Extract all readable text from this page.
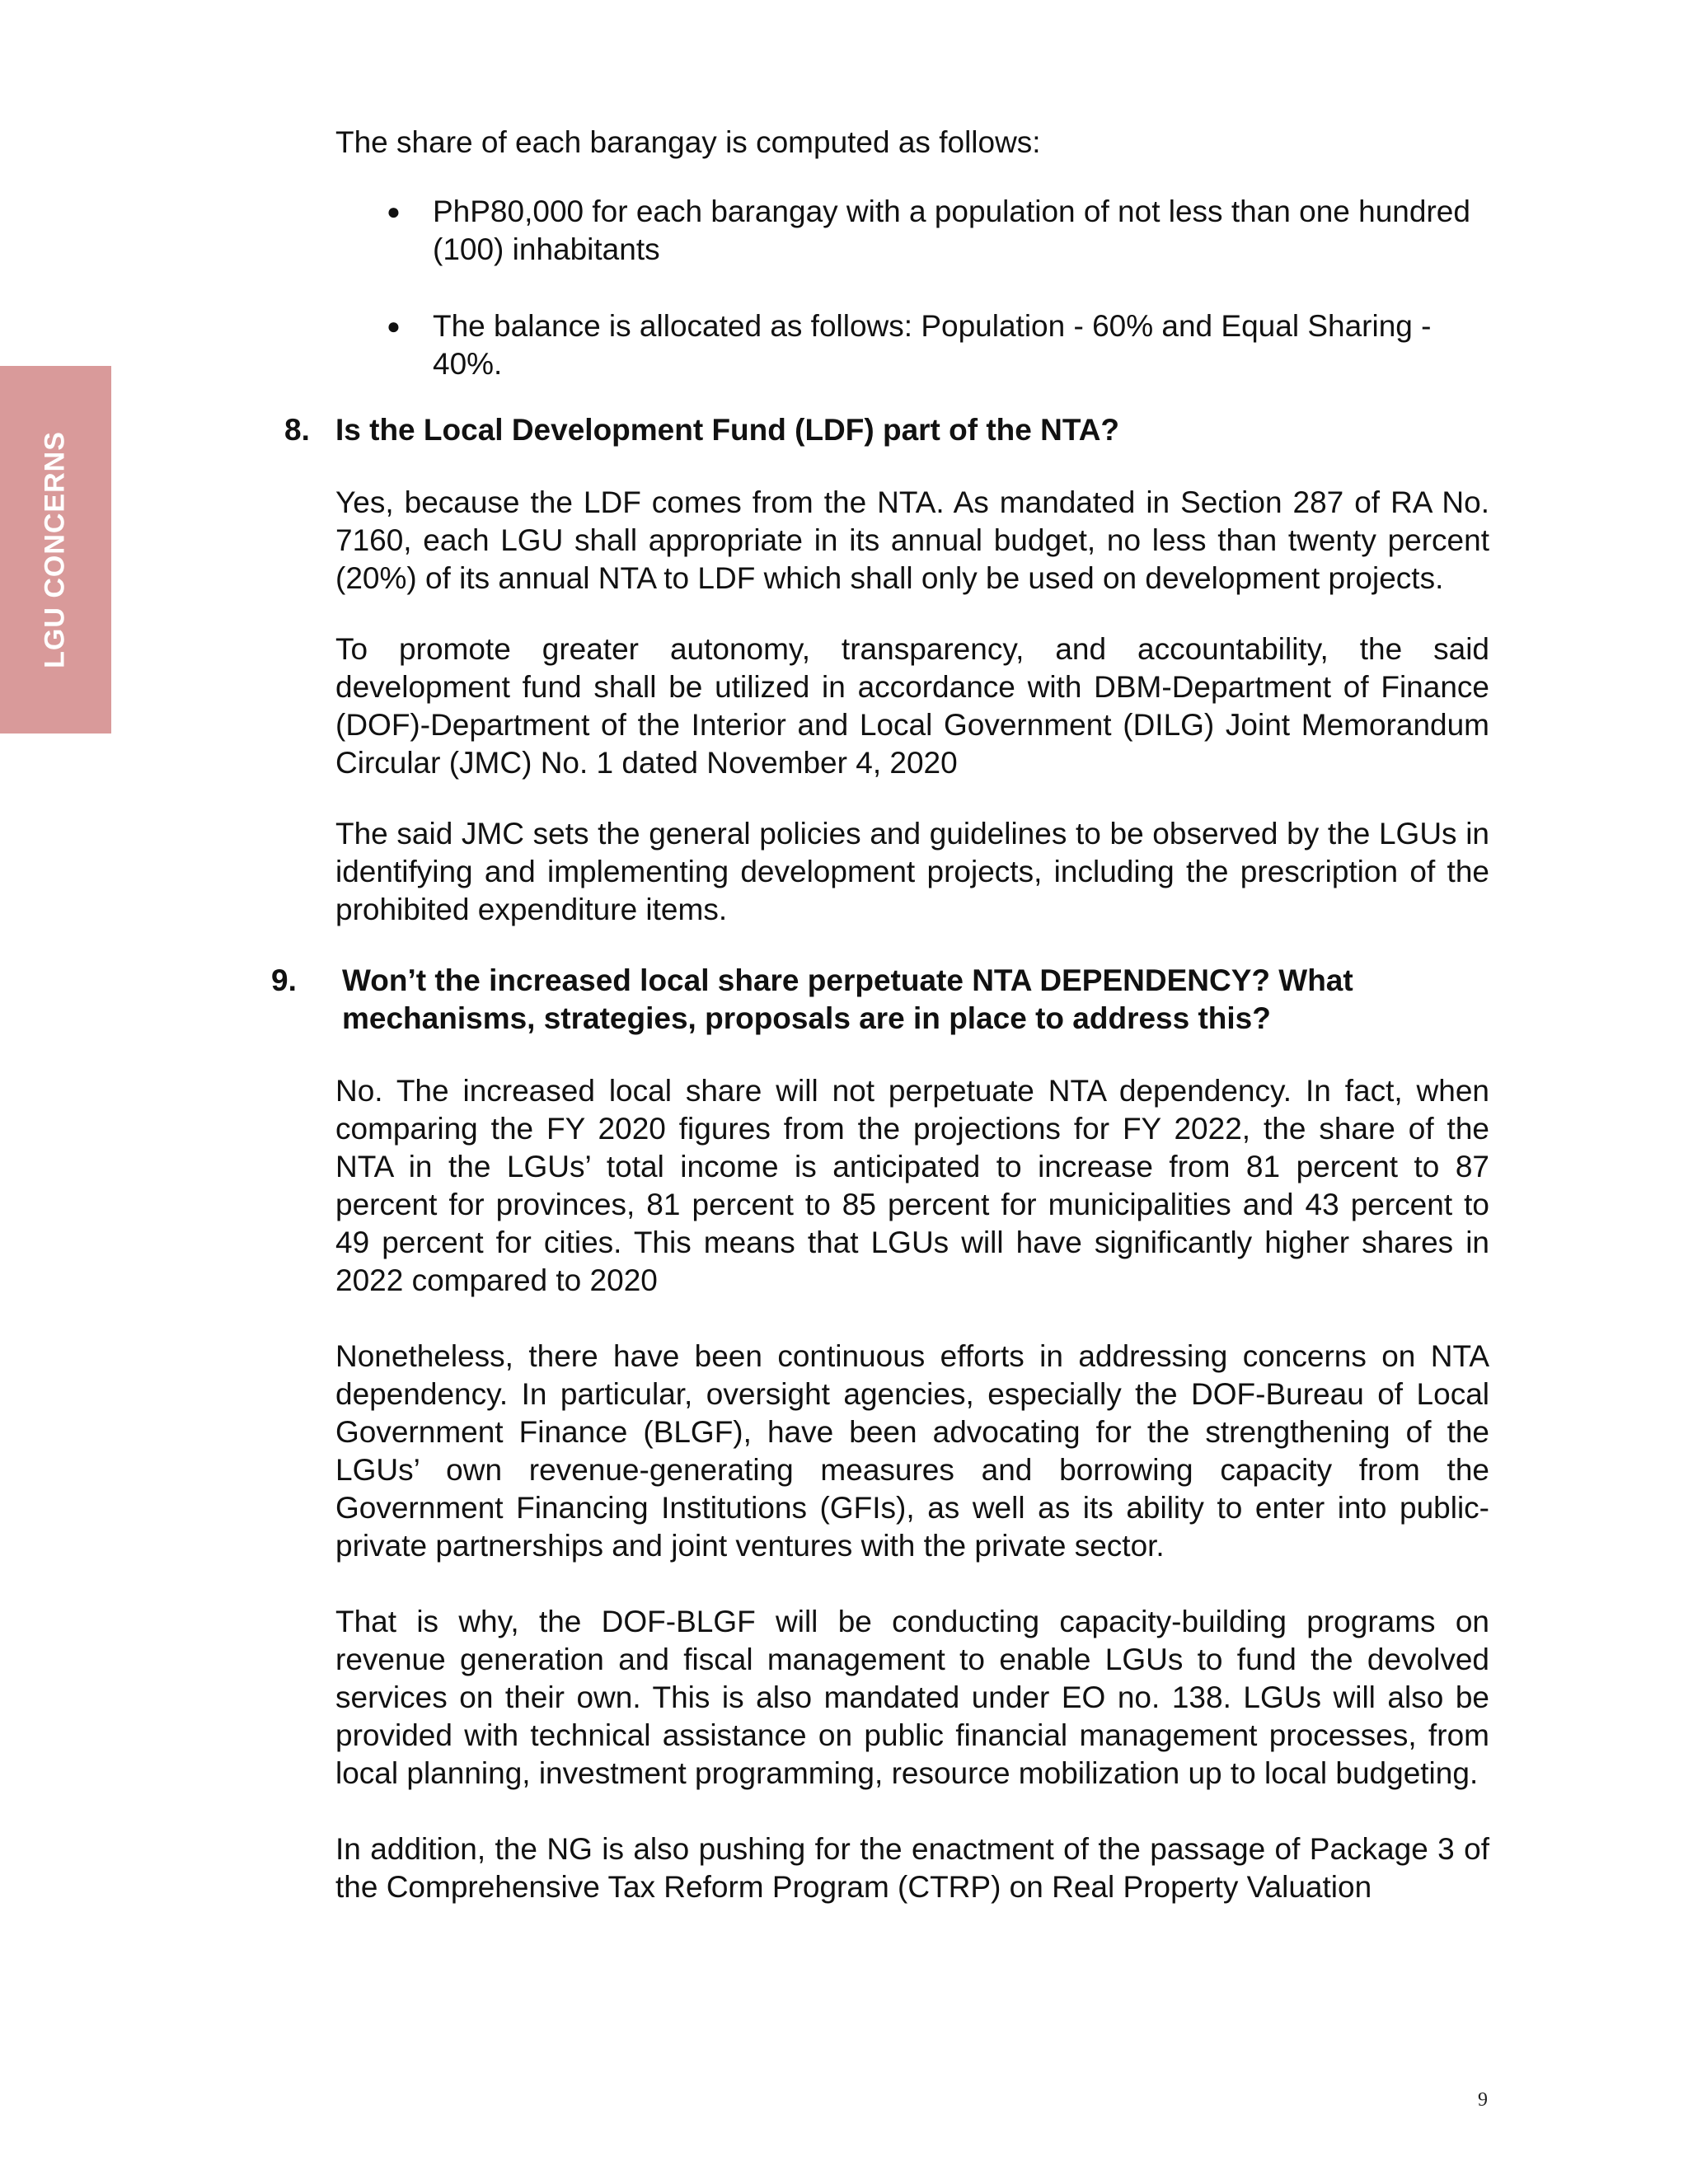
LGU CONCERNS

The share of each barangay is computed as follows:

● PhP80,000 for each barangay with a population of not less than one hundred (100) inhabitants
● The balance is allocated as follows: Population - 60% and Equal Sharing - 40%.
8. Is the Local Development Fund (LDF) part of the NTA?

Yes, because the LDF comes from the NTA. As mandated in Section 287 of RA No. 7160, each LGU shall appropriate in its annual budget, no less than twenty percent (20%) of its annual NTA to LDF which shall only be used on development projects.

To promote greater autonomy, transparency, and accountability, the said development fund shall be utilized in accordance with DBM-Department of Finance (DOF)-Department of the Interior and Local Government (DILG) Joint Memorandum Circular (JMC) No. 1 dated November 4, 2020

The said JMC sets the general policies and guidelines to be observed by the LGUs in identifying and implementing development projects, including the prescription of the prohibited expenditure items.

9. Won’t the increased local share perpetuate NTA DEPENDENCY? What mechanisms, strategies, proposals are in place to address this?

No. The increased local share will not perpetuate NTA dependency. In fact, when comparing the FY 2020 figures from the projections for FY 2022, the share of the NTA in the LGUs’ total income is anticipated to increase from 81 percent to 87 percent for provinces, 81 percent to 85 percent for municipalities and 43 percent to 49 percent for cities. This means that LGUs will have significantly higher shares in 2022 compared to 2020

Nonetheless, there have been continuous efforts in addressing concerns on NTA dependency. In particular, oversight agencies, especially the DOF-Bureau of Local Government Finance (BLGF), have been advocating for the strengthening of the LGUs’ own revenue-generating measures and borrowing capacity from the Government Financing Institutions (GFIs), as well as its ability to enter into public-private partnerships and joint ventures with the private sector.

That is why, the DOF-BLGF will be conducting capacity-building programs on revenue generation and fiscal management to enable LGUs to fund the devolved services on their own. This is also mandated under EO no. 138. LGUs will also be provided with technical assistance on public financial management processes, from local planning, investment programming, resource mobilization up to local budgeting.

In addition, the NG is also pushing for the enactment of the passage of Package 3 of the Comprehensive Tax Reform Program (CTRP) on Real Property Valuation

9
